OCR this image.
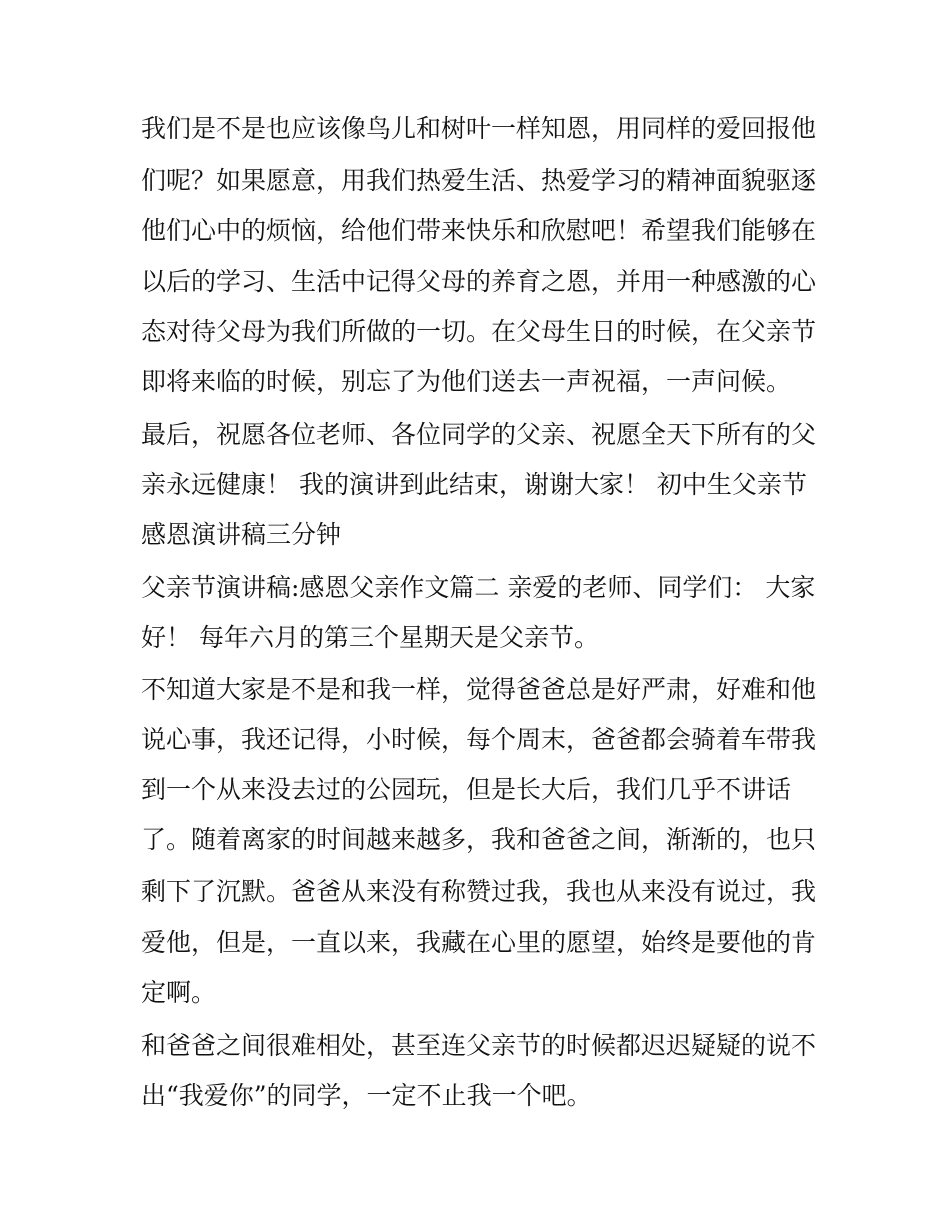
我们是不是也应该像鸟儿和树叶一样知恩，用同样的爱回报他

们呢？如果愿意，用我们热爱生活、热爱学习的精神面貌驱逐

他们心中的烦恼，给他们带来快乐和欣慰吧！希望我们能够在

以后的学习、生活中记得父母的养育之恩，并用一种感激的心

态对待父母为我们所做的一切。在父母生日的时候，在父亲节

即将来临的时候，别忘了为他们送去一声祝福，一声问候。

最后，祝愿各位老师、各位同学的父亲、祝愿全天下所有的父

亲永远健康！ 我的演讲到此结束，谢谢大家！ 初中生父亲节

感恩演讲稿三分钟

父亲节演讲稿:感恩父亲作文篇二 亲爱的老师、同学们： 大家

好！ 每年六月的第三个星期天是父亲节。

不知道大家是不是和我一样，觉得爸爸总是好严肃，好难和他

说心事，我还记得，小时候，每个周末，爸爸都会骑着车带我

到一个从来没去过的公园玩，但是长大后，我们几乎不讲话

了。随着离家的时间越来越多，我和爸爸之间，渐渐的，也只

剩下了沉默。爸爸从来没有称赞过我，我也从来没有说过，我

爱他，但是，一直以来，我藏在心里的愿望，始终是要他的肯

定啊。

和爸爸之间很难相处，甚至连父亲节的时候都迟迟疑疑的说不

出“我爱你”的同学，一定不止我一个吧。
